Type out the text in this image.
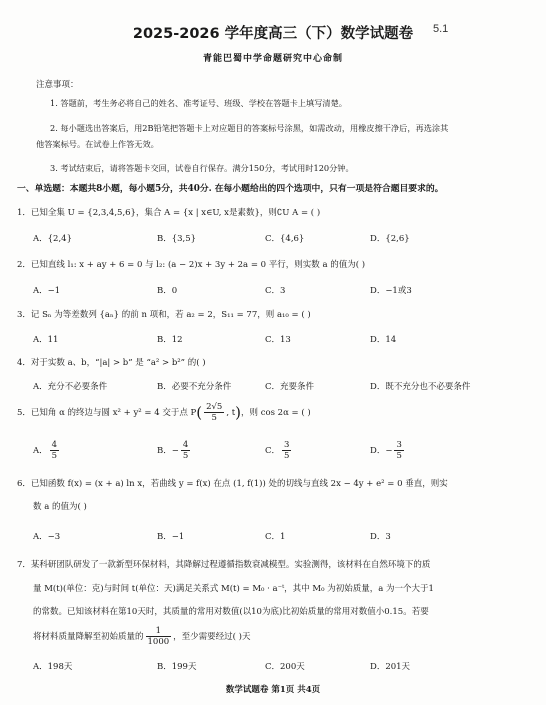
2025-2026 学年度高三（下）数学试题卷	5.1
青能巴蜀中学命题研究中心命制
注意事项：
1. 答题前，考生务必将自己的姓名、准考证号、班级、学校在答题卡上填写清楚。
2. 每小题选出答案后，用2B铅笔把答题卡上对应题目的答案标号涂黑，如需改动，用橡皮擦干净后，再选涂其
他答案标号。在试卷上作答无效。
3. 考试结束后，请将答题卡交回，试卷自行保存。满分150分，考试用时120分钟。
一、单选题：本题共8小题，每小题5分，共40分. 在每小题给出的四个选项中，只有一项是符合题目要求的。
1．已知全集 U = {2,3,4,5,6}，集合 A = {x | x∈U, x是素数}，则∁U A = ( )
A．{2,4}	B．{3,5}	C．{4,6}	D．{2,6}
2．已知直线 l₁: x + ay + 6 = 0 与 l₂: (a − 2)x + 3y + 2a = 0 平行，则实数 a 的值为( )
A．−1	B．0	C．3	D．−1或3
3．记 Sₙ 为等差数列 {aₙ} 的前 n 项和，若 a₂ = 2，S₁₁ = 77，则 a₁₀ = ( )
A．11	B．12	C．13	D．14
4．对于实数 a、b，“|a| > b” 是 “a² > b²” 的( )
A．充分不必要条件	B．必要不充分条件	C．充要条件	D．既不充分也不必要条件
5．已知角 α 的终边与圆 x² + y² = 4 交于点 $P( \frac{2√5}{5}$ , t)，则 cos 2α = ( )
A． $\frac{4}{5}$	B．− $\frac{4}{5}$	C． $\frac{3}{5}$	D．− $\frac{3}{5}$
6．已知函数 f(x) = (x + a) ln x，若曲线 y = f(x) 在点 (1, f(1)) 处的切线与直线 2x − 4y + e² = 0 垂直，则实
数 a 的值为( )
A．−3	B．−1	C．1	D．3
7．某科研团队研发了一款新型环保材料，其降解过程遵循指数衰减模型。实验测得，该材料在自然环境下的质
量 M(t)(单位：克)与时间 t(单位：天)满足关系式 M(t) = M₀ · a⁻ᵗ，其中 M₀ 为初始质量，a 为一个大于1
的常数。已知该材料在第10天时，其质量的常用对数值(以10为底)比初始质量的常用对数值小0.15。若要
将材料质量降解至初始质量的 $\frac{1}{1000}$ ，至少需要经过( )天
A．198天	B．199天	C．200天	D．201天
数学试题卷 第1页 共4页
